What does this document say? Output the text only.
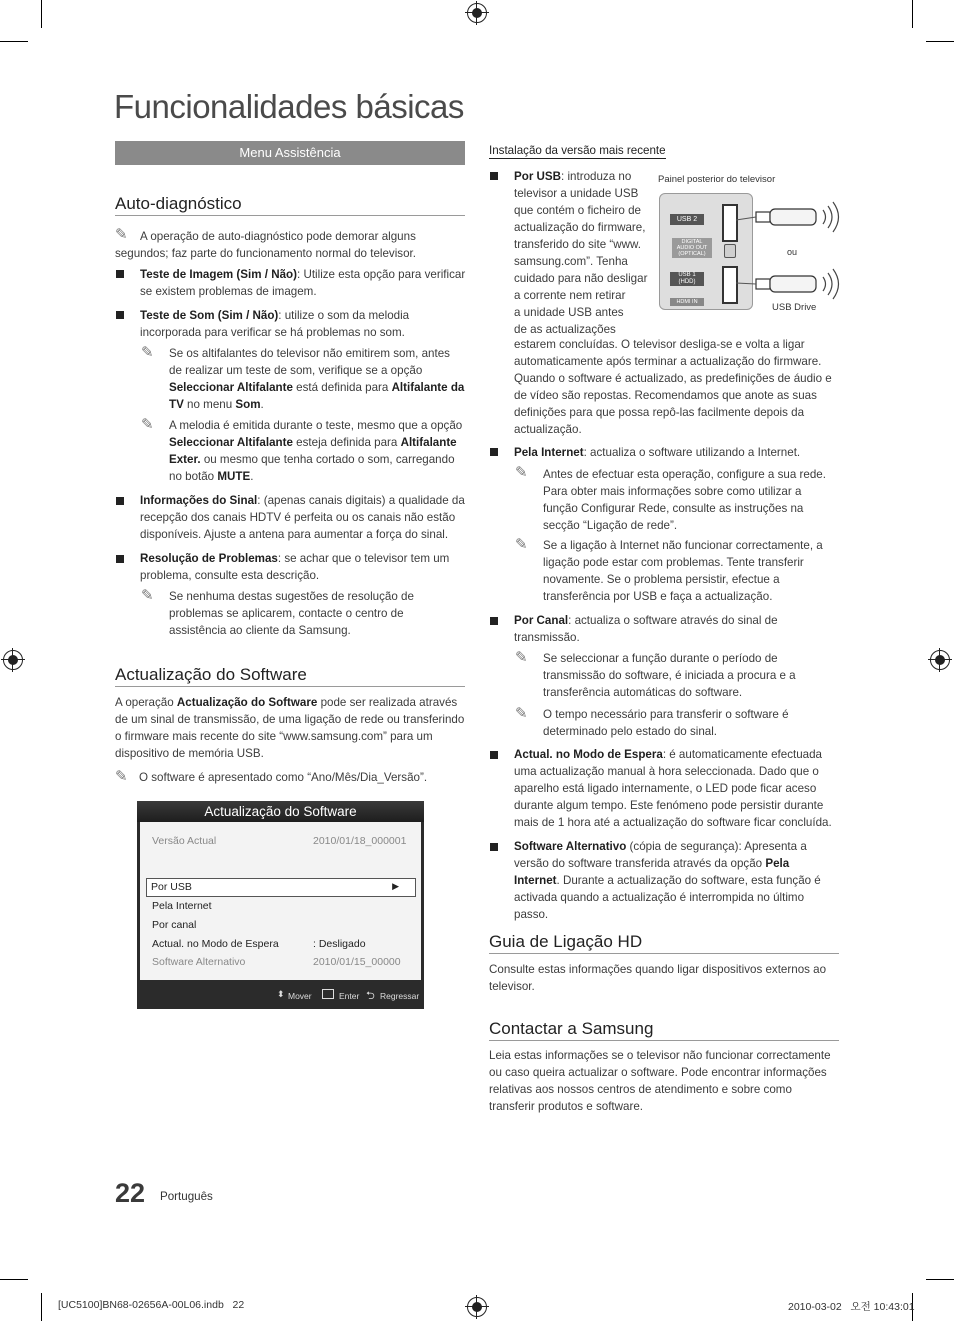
Funcionalidades básicas
Menu Assistência
Auto-diagnóstico
✎	A operação de auto-diagnóstico pode demorar alguns segundos; faz parte do funcionamento normal do televisor.
Teste de Imagem (Sim / Não): Utilize esta opção para verificar se existem problemas de imagem.
Teste de Som (Sim / Não): utilize o som da melodia incorporada para verificar se há problemas no som.
✎ Se os altifalantes do televisor não emitirem som, antes de realizar um teste de som, verifique se a opção Seleccionar Altifalante está definida para Altifalante da TV no menu Som.
✎ A melodia é emitida durante o teste, mesmo que a opção Seleccionar Altifalante esteja definida para Altifalante Exter. ou mesmo que tenha cortado o som, carregando no botão MUTE.
Informações do Sinal: (apenas canais digitais) a qualidade da recepção dos canais HDTV é perfeita ou os canais não estão disponíveis. Ajuste a antena para aumentar a força do sinal.
Resolução de Problemas: se achar que o televisor tem um problema, consulte esta descrição.
✎ Se nenhuma destas sugestões de resolução de problemas se aplicarem, contacte o centro de assistência ao cliente da Samsung.
Actualização do Software
A operação Actualização do Software pode ser realizada através de um sinal de transmissão, de uma ligação de rede ou transferindo o firmware mais recente do site “www.samsung.com” para um dispositivo de memória USB.
✎ O software é apresentado como “Ano/Mês/Dia_Versão”.
Actualização do Software
Versão Actual	2010/01/18_000001
Por USB	▶
Pela Internet
Por canal
Actual. no Modo de Espera	: Desligado
Software Alternativo	2010/01/15_00000
⬍ Mover	Enter ⮌ Regressar
Instalação da versão mais recente
Por USB: introduza no
televisor a unidade USB
que contém o ficheiro de
actualização do firmware,
transferido do site “www.
samsung.com”. Tenha
cuidado para não desligar
a corrente nem retirar
a unidade USB antes
de as actualizações
Painel posterior do televisor
USB 2
DIGITAL
AUDIO OUT
(OPTICAL)
USB 1
(HDD)
HDMI IN
ou
USB Drive
estarem concluídas. O televisor desliga-se e volta a ligar automaticamente após terminar a actualização do firmware. Quando o software é actualizado, as predefinições de áudio e de vídeo são repostas. Recomendamos que anote as suas definições para que possa repô-las facilmente depois da actualização.
Pela Internet: actualiza o software utilizando a Internet.
✎ Antes de efectuar esta operação, configure a sua rede. Para obter mais informações sobre como utilizar a função Configurar Rede, consulte as instruções na secção “Ligação de rede”.
✎ Se a ligação à Internet não funcionar correctamente, a ligação pode estar com problemas. Tente transferir novamente. Se o problema persistir, efectue a transferência por USB e faça a actualização.
Por Canal: actualiza o software através do sinal de transmissão.
✎ Se seleccionar a função durante o período de transmissão do software, é iniciada a procura e a transferência automáticas do software.
✎ O tempo necessário para transferir o software é determinado pelo estado do sinal.
Actual. no Modo de Espera: é automaticamente efectuada uma actualização manual à hora seleccionada. Dado que o aparelho está ligado internamente, o LED pode ficar aceso durante algum tempo. Este fenómeno pode persistir durante mais de 1 hora até a actualização do software ficar concluída.
Software Alternativo (cópia de segurança): Apresenta a versão do software transferida através da opção Pela Internet. Durante a actualização do software, esta função é activada quando a actualização é interrompida no último passo.
Guia de Ligação HD
Consulte estas informações quando ligar dispositivos externos ao televisor.
Contactar a Samsung
Leia estas informações se o televisor não funcionar correctamente ou caso queira actualizar o software. Pode encontrar informações relativas aos nossos centros de atendimento e sobre como transferir produtos e software.
22 Português
[UC5100]BN68-02656A-00L06.indb   22	2010-03-02   오전 10:43:01
